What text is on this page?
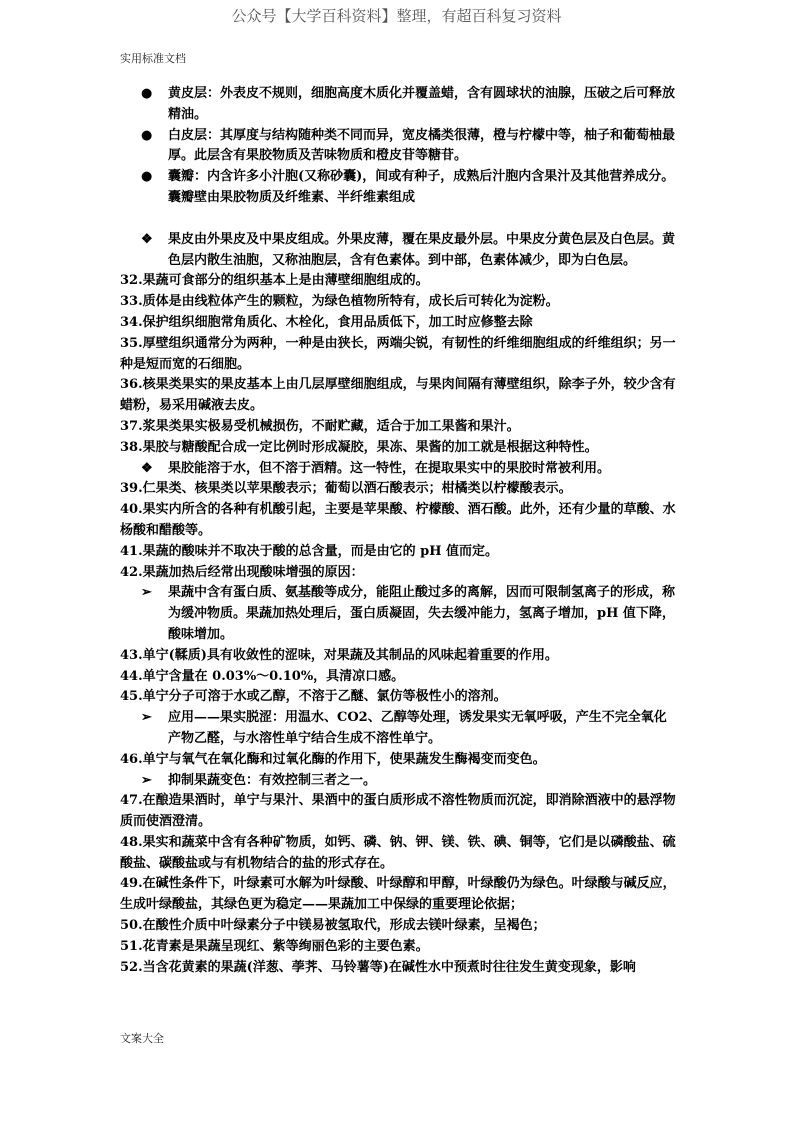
公众号【大学百科资料】整理，有超百科复习资料
实用标准文档
● 黄皮层：外表皮不规则，细胞高度木质化并覆盖蜡，含有圆球状的油腺，压破之后可释放精油。
● 白皮层：其厚度与结构随种类不同而异，宽皮橘类很薄，橙与柠檬中等，柚子和葡萄柚最厚。此层含有果胶物质及苦味物质和橙皮苷等糖苷。
● 囊瓣：内含许多小汁胞(又称砂囊)，间或有种子，成熟后汁胞内含果汁及其他营养成分。囊瓣壁由果胶物质及纤维素、半纤维素组成
❖ 果皮由外果皮及中果皮组成。外果皮薄，覆在果皮最外层。中果皮分黄色层及白色层。黄色层内散生油胞，又称油胞层，含有色素体。到中部，色素体减少，即为白色层。

32.果蔬可食部分的组织基本上是由薄壁细胞组成的。

33.质体是由线粒体产生的颗粒，为绿色植物所特有，成长后可转化为淀粉。

34.保护组织细胞常角质化、木栓化，食用品质低下，加工时应修整去除

35.厚壁组织通常分为两种，一种是由狭长，两端尖锐，有韧性的纤维细胞组成的纤维组织；另一种是短而宽的石细胞。

36.核果类果实的果皮基本上由几层厚壁细胞组成，与果肉间隔有薄壁组织，除李子外，较少含有蜡粉，易采用碱液去皮。

37.浆果类果实极易受机械损伤，不耐贮藏，适合于加工果酱和果汁。

38.果胶与糖酸配合成一定比例时形成凝胶，果冻、果酱的加工就是根据这种特性。

❖ 果胶能溶于水，但不溶于酒精。这一特性，在提取果实中的果胶时常被利用。

39.仁果类、核果类以苹果酸表示；葡萄以酒石酸表示；柑橘类以柠檬酸表示。

40.果实内所含的各种有机酸引起，主要是苹果酸、柠檬酸、酒石酸。此外，还有少量的草酸、水杨酸和醋酸等。

41.果蔬的酸味并不取决于酸的总含量，而是由它的 pH 值而定。

42.果蔬加热后经常出现酸味增强的原因：

➢ 果蔬中含有蛋白质、氨基酸等成分，能阻止酸过多的离解，因而可限制氢离子的形成，称为缓冲物质。果蔬加热处理后，蛋白质凝固，失去缓冲能力，氢离子增加，pH 值下降，酸味增加。

43.单宁(鞣质)具有收敛性的涩味，对果蔬及其制品的风味起着重要的作用。

44.单宁含量在 0.03%～0.10%，具清凉口感。

45.单宁分子可溶于水或乙醇，不溶于乙醚、氯仿等极性小的溶剂。

➢ 应用——果实脱涩：用温水、CO2、乙醇等处理，诱发果实无氧呼吸，产生不完全氧化产物乙醛，与水溶性单宁结合生成不溶性单宁。

46.单宁与氧气在氧化酶和过氧化酶的作用下，使果蔬发生酶褐变而变色。

➢ 抑制果蔬变色：有效控制三者之一。

47.在酿造果酒时，单宁与果汁、果酒中的蛋白质形成不溶性物质而沉淀，即消除酒液中的悬浮物质而使酒澄清。

48.果实和蔬菜中含有各种矿物质，如钙、磷、钠、钾、镁、铁、碘、铜等，它们是以磷酸盐、硫酸盐、碳酸盐或与有机物结合的盐的形式存在。

49.在碱性条件下，叶绿素可水解为叶绿酸、叶绿醇和甲醇，叶绿酸仍为绿色。叶绿酸与碱反应，生成叶绿酸盐，其绿色更为稳定——果蔬加工中保绿的重要理论依据；

50.在酸性介质中叶绿素分子中镁易被氢取代，形成去镁叶绿素，呈褐色；

51.花青素是果蔬呈现红、紫等绚丽色彩的主要色素。

52.当含花黄素的果蔬(洋葱、荸荠、马铃薯等)在碱性水中预煮时往往发生黄变现象，影响

文案大全
